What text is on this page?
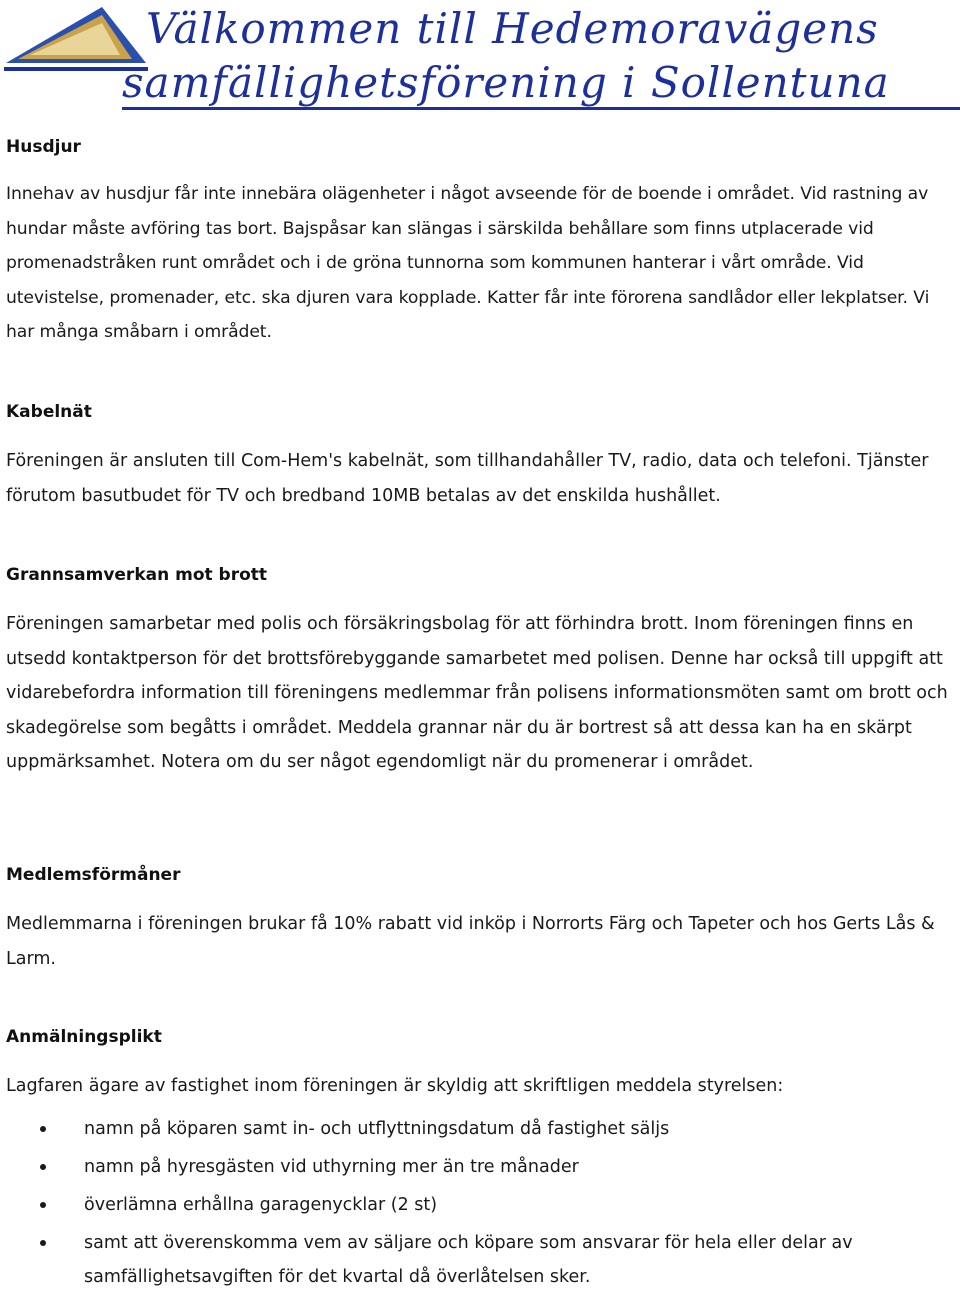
Välkommen till Hedemoravägens
samfällighetsförening i Sollentuna
Husdjur

Innehav av husdjur får inte innebära olägenheter i något avseende för de boende i området. Vid rastning av hundar måste avföring tas bort. Bajspåsar kan slängas i särskilda behållare som finns utplacerade vid promenadstråken runt området och i de gröna tunnorna som kommunen hanterar i vårt område. Vid utevistelse, promenader, etc. ska djuren vara kopplade. Katter får inte förorena sandlådor eller lekplatser. Vi har många småbarn i området.

Kabelnät

Föreningen är ansluten till Com-Hem's kabelnät, som tillhandahåller TV, radio, data och telefoni. Tjänster förutom basutbudet för TV och bredband 10MB betalas av det enskilda hushållet.

Grannsamverkan mot brott

Föreningen samarbetar med polis och försäkringsbolag för att förhindra brott. Inom föreningen finns en utsedd kontaktperson för det brottsförebyggande samarbetet med polisen. Denne har också till uppgift att vidarebefordra information till föreningens medlemmar från polisens informationsmöten samt om brott och skadegörelse som begåtts i området. Meddela grannar när du är bortrest så att dessa kan ha en skärpt uppmärksamhet. Notera om du ser något egendomligt när du promenerar i området.

Medlemsförmåner

Medlemmarna i föreningen brukar få 10% rabatt vid inköp i Norrorts Färg och Tapeter och hos Gerts Lås & Larm.

Anmälningsplikt

Lagfaren ägare av fastighet inom föreningen är skyldig att skriftligen meddela styrelsen:

namn på köparen samt in- och utflyttningsdatum då fastighet säljs
namn på hyresgästen vid uthyrning mer än tre månader
överlämna erhållna garagenycklar (2 st)
samt att överenskomma vem av säljare och köpare som ansvarar för hela eller delar av samfällighetsavgiften för det kvartal då överlåtelsen sker.
